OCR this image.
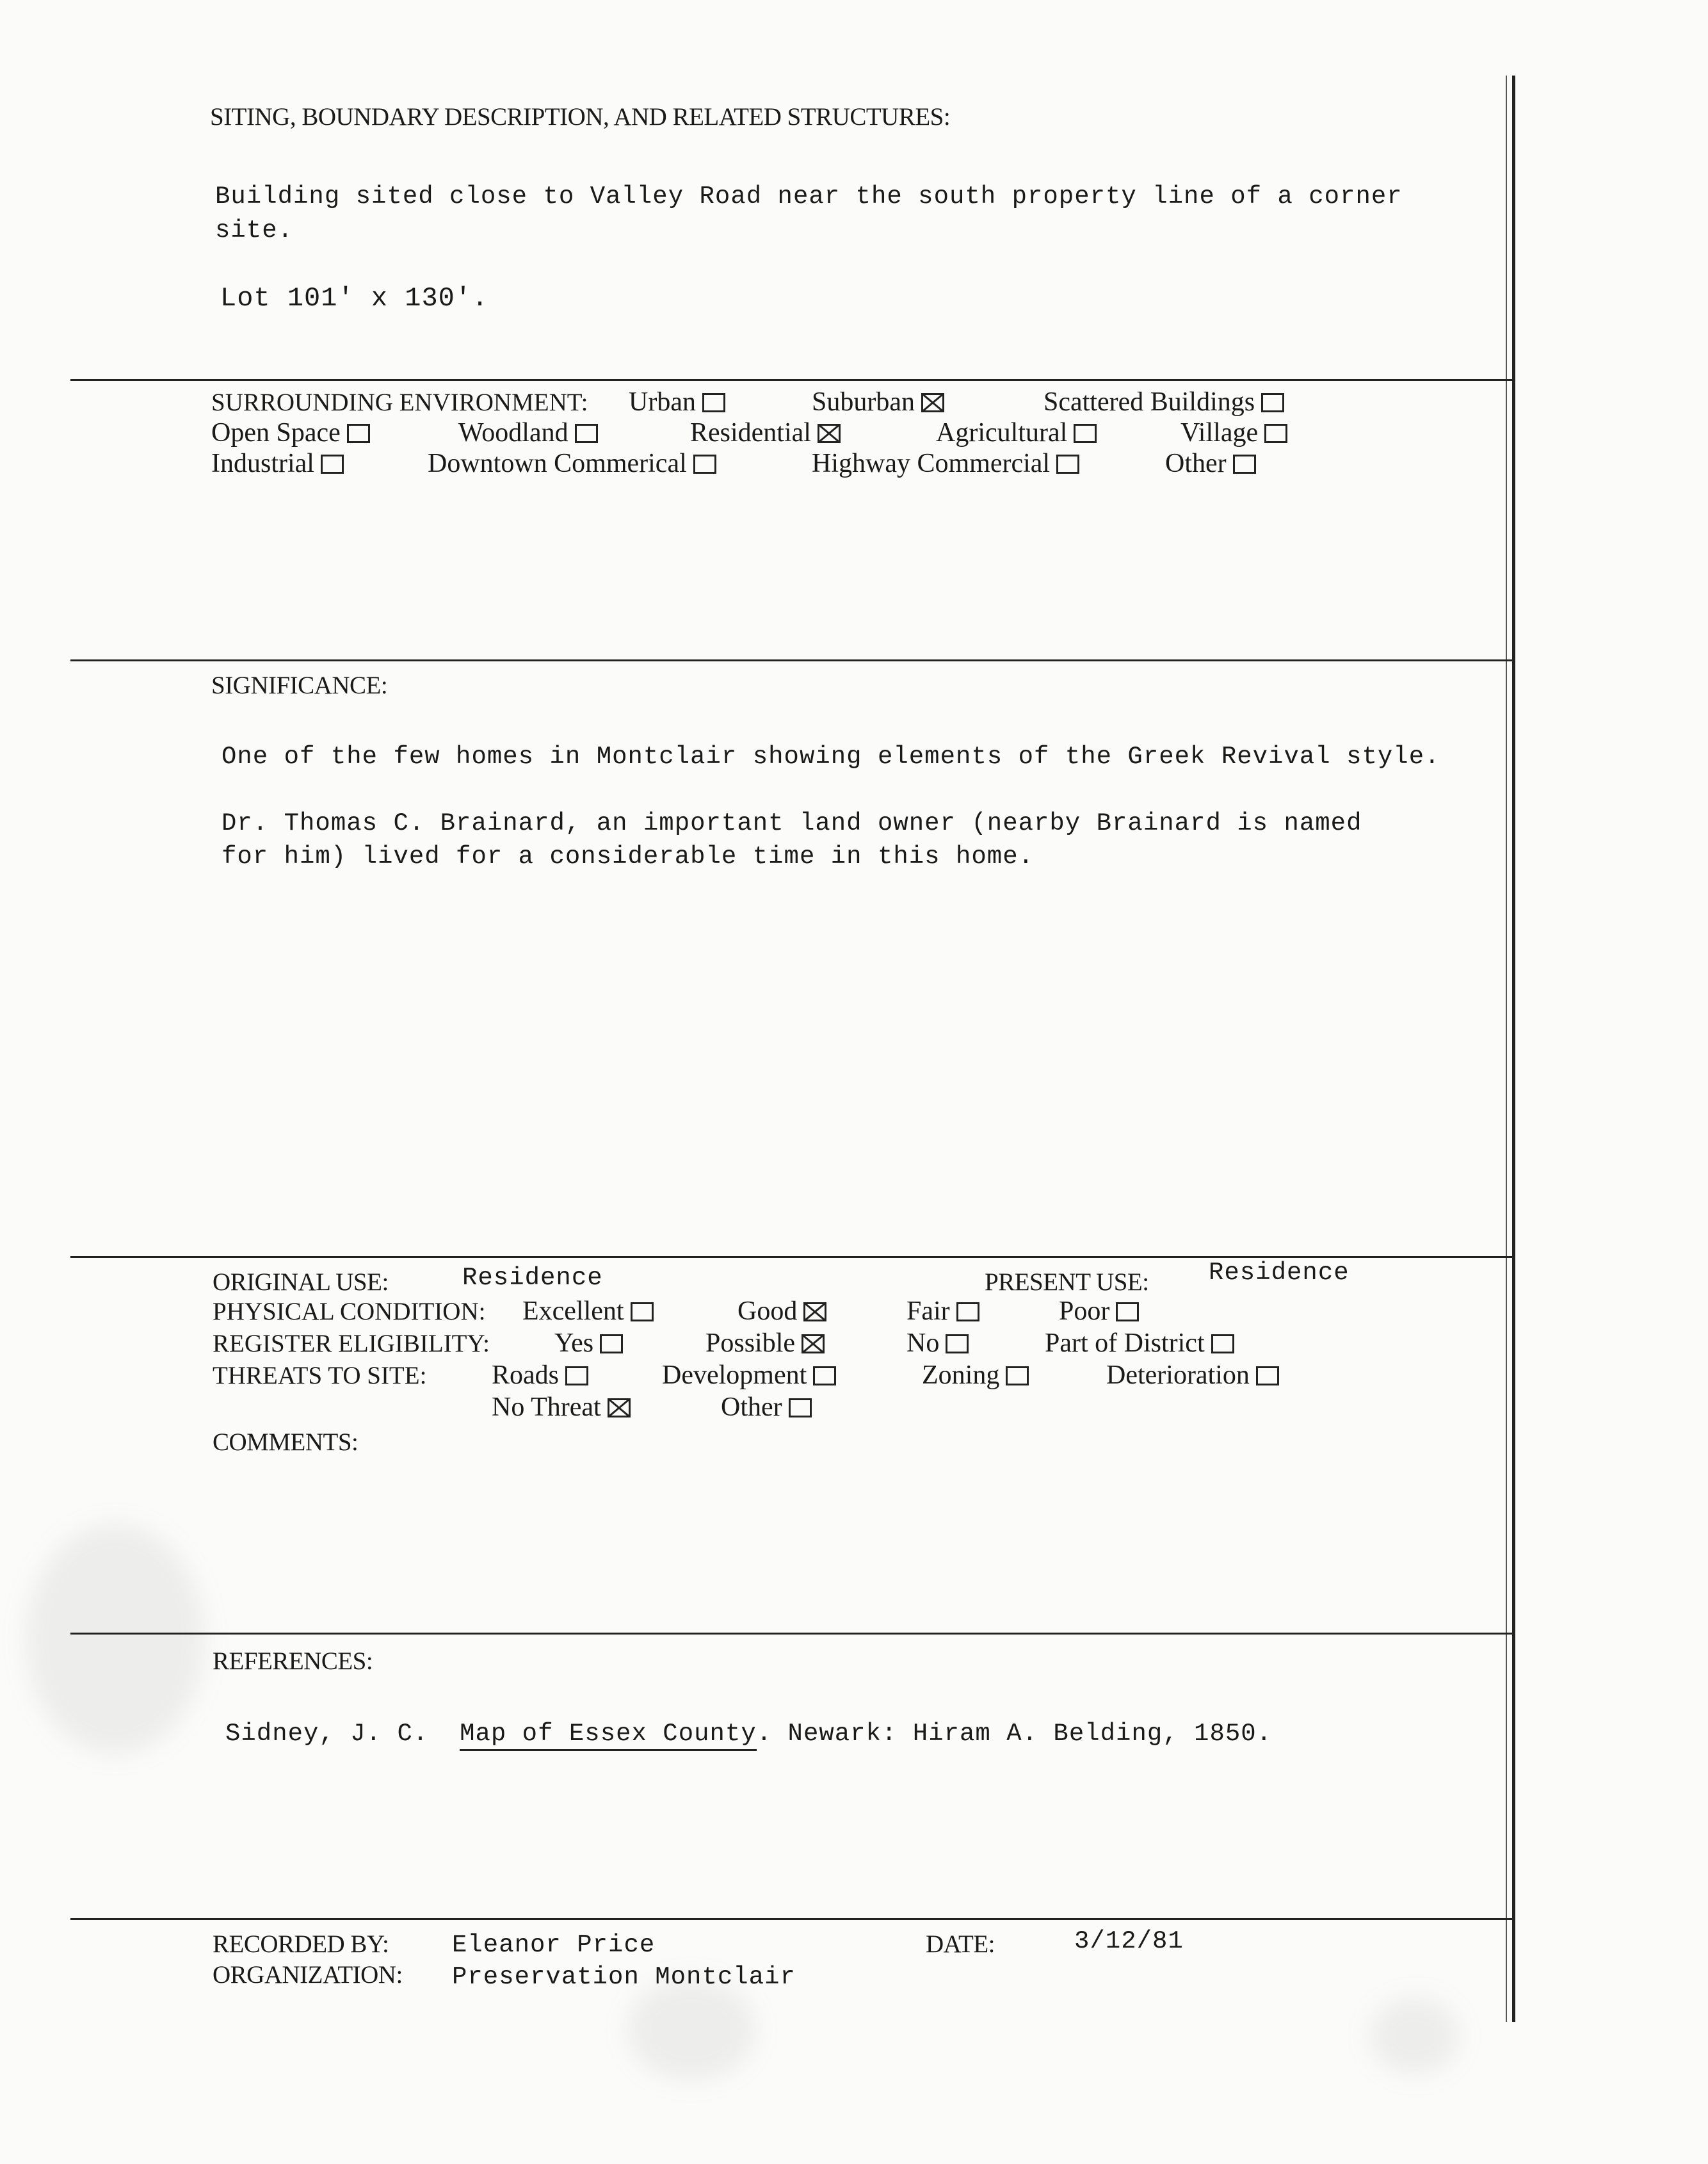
SITING, BOUNDARY DESCRIPTION, AND RELATED STRUCTURES:
Building sited close to Valley Road near the south property line of a corner
site.
Lot 101' x 130'.
SURROUNDING ENVIRONMENT: Urban	Suburban	Scattered Buildings
Open Space	Woodland	Residential	Agricultural	Village
Industrial	Downtown Commerical	Highway Commercial	Other
SIGNIFICANCE:
One of the few homes in Montclair showing elements of the Greek Revival style.
Dr. Thomas C. Brainard, an important land owner (nearby Brainard is named
for him) lived for a considerable time in this home.
ORIGINAL USE:	Residence	PRESENT USE: Residence
PHYSICAL CONDITION: Excellent	Good	Fair	Poor
REGISTER ELIGIBILITY: Yes	Possible	No	Part of District
THREATS TO SITE: Roads	Development	Zoning	Deterioration
No Threat	Other
COMMENTS:
REFERENCES:
Sidney, J. C. Map of Essex County. Newark: Hiram A. Belding, 1850.
RECORDED BY:	Eleanor Price
ORGANIZATION: Preservation Montclair
DATE:	3/12/81
